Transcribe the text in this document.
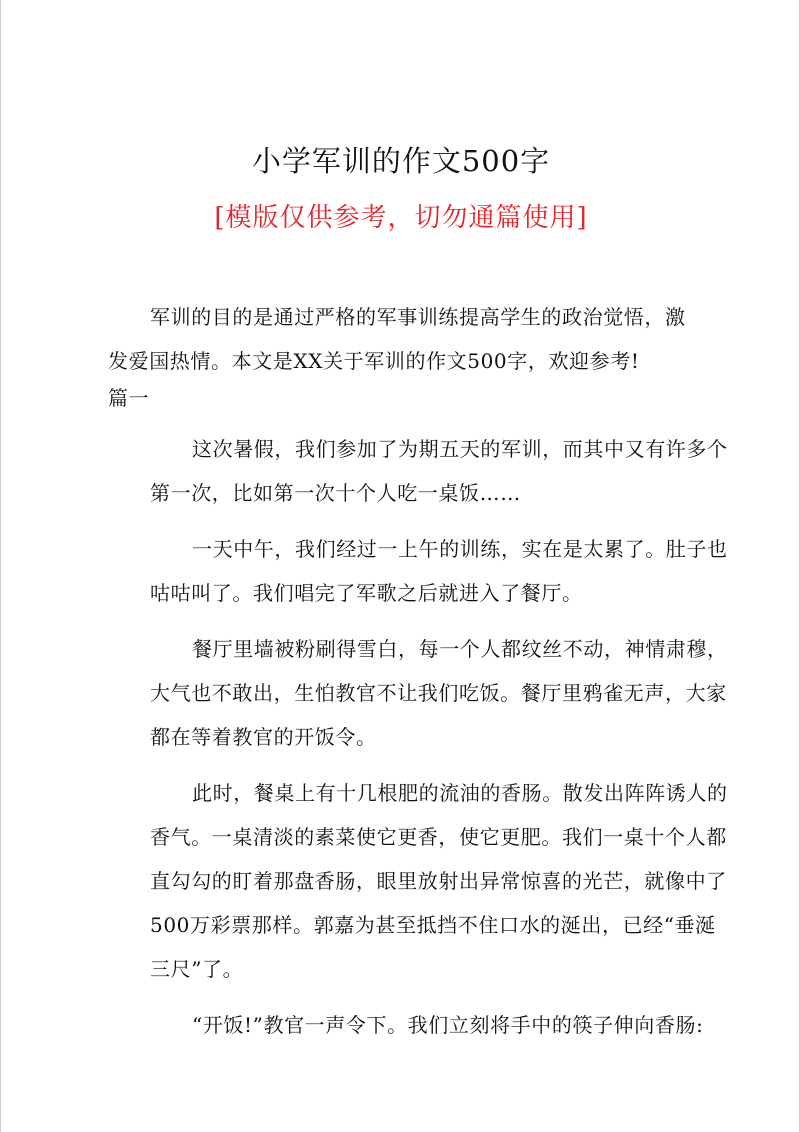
小学军训的作文500字
[模版仅供参考，切勿通篇使用]

军训的目的是通过严格的军事训练提高学生的政治觉悟，激
发爱国热情。本文是XX关于军训的作文500字，欢迎参考!

篇一

这次暑假，我们参加了为期五天的军训，而其中又有许多个
第一次，比如第一次十个人吃一桌饭……

一天中午，我们经过一上午的训练，实在是太累了。肚子也
咕咕叫了。我们唱完了军歌之后就进入了餐厅。

餐厅里墙被粉刷得雪白，每一个人都纹丝不动，神情肃穆，
大气也不敢出，生怕教官不让我们吃饭。餐厅里鸦雀无声，大家
都在等着教官的开饭令。

此时，餐桌上有十几根肥的流油的香肠。散发出阵阵诱人的
香气。一桌清淡的素菜使它更香，使它更肥。我们一桌十个人都
直勾勾的盯着那盘香肠，眼里放射出异常惊喜的光芒，就像中了
500万彩票那样。郭嘉为甚至抵挡不住口水的涎出，已经“垂涎
三尺”了。

“开饭!”教官一声令下。我们立刻将手中的筷子伸向香肠:
